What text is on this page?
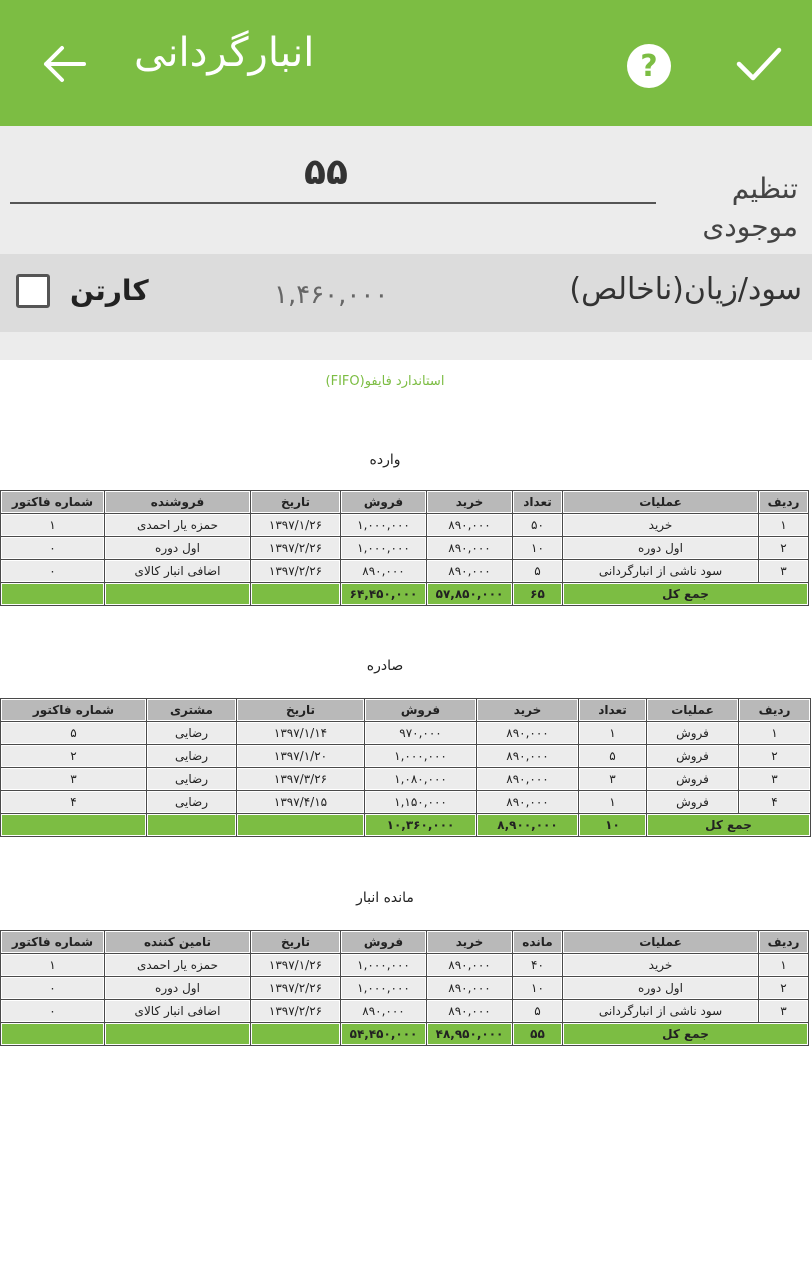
انبارگردانی	?
۵۵	تنظیم موجودی
سود/زیان(ناخالص)
۱,۴۶۰,۰۰۰
کارتن
استاندارد فایفو(FIFO)
وارده
ردیف	عملیات	تعداد	خرید	فروش	تاریخ	فروشنده	شماره فاکتور
۱	خرید	۵۰	۸۹۰,۰۰۰	۱,۰۰۰,۰۰۰	۱۳۹۷/۱/۲۶	حمزه یار احمدی	۱
۲	اول دوره	۱۰	۸۹۰,۰۰۰	۱,۰۰۰,۰۰۰	۱۳۹۷/۲/۲۶	اول دوره	۰
۳	سود ناشی از انبارگردانی	۵	۸۹۰,۰۰۰	۸۹۰,۰۰۰	۱۳۹۷/۲/۲۶	اضافی انبار کالای	۰
جمع کل		۶۵	۵۷,۸۵۰,۰۰۰	۶۴,۴۵۰,۰۰۰			
صادره
ردیف	عملیات	تعداد	خرید	فروش	تاریخ	مشتری	شماره فاکتور
۱	فروش	۱	۸۹۰,۰۰۰	۹۷۰,۰۰۰	۱۳۹۷/۱/۱۴	رضایی	۵
۲	فروش	۵	۸۹۰,۰۰۰	۱,۰۰۰,۰۰۰	۱۳۹۷/۱/۲۰	رضایی	۲
۳	فروش	۳	۸۹۰,۰۰۰	۱,۰۸۰,۰۰۰	۱۳۹۷/۳/۲۶	رضایی	۳
۴	فروش	۱	۸۹۰,۰۰۰	۱,۱۵۰,۰۰۰	۱۳۹۷/۴/۱۵	رضایی	۴
جمع کل		۱۰	۸,۹۰۰,۰۰۰	۱۰,۳۶۰,۰۰۰			
مانده انبار
ردیف	عملیات	مانده	خرید	فروش	تاریخ	تامین کننده	شماره فاکتور
۱	خرید	۴۰	۸۹۰,۰۰۰	۱,۰۰۰,۰۰۰	۱۳۹۷/۱/۲۶	حمزه یار احمدی	۱
۲	اول دوره	۱۰	۸۹۰,۰۰۰	۱,۰۰۰,۰۰۰	۱۳۹۷/۲/۲۶	اول دوره	۰
۳	سود ناشی از انبارگردانی	۵	۸۹۰,۰۰۰	۸۹۰,۰۰۰	۱۳۹۷/۲/۲۶	اضافی انبار کالای	۰
جمع کل		۵۵	۴۸,۹۵۰,۰۰۰	۵۴,۴۵۰,۰۰۰			
